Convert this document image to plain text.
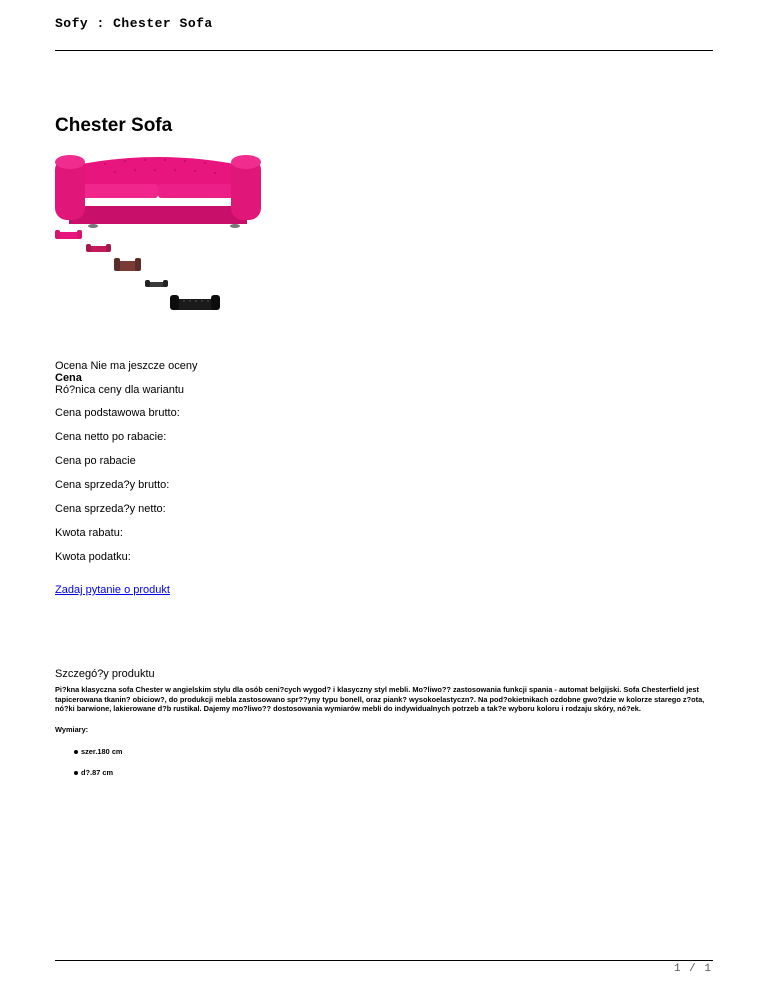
Sofy : Chester Sofa
Chester Sofa

Ocena Nie ma jeszcze oceny

Cena

Ró?nica ceny dla wariantu

Cena podstawowa brutto:
Cena netto po rabacie:
Cena po rabacie
Cena sprzeda?y brutto:
Cena sprzeda?y netto:
Kwota rabatu:
Kwota podatku:
Zadaj pytanie o produkt
Szczegó?y produktu
Pi?kna klasyczna sofa Chester w angielskim stylu dla osób ceni?cych wygod? i klasyczny styl mebli. Mo?liwo?? zastosowania funkcji spania - automat belgijski. Sofa Chesterfield jest tapicerowana tkanin? obiciow?, do produkcji mebla zastosowano spr??yny typu bonell, oraz piank? wysokoelastyczn?. Na pod?okietnikach ozdobne gwo?dzie w kolorze starego z?ota, nó?ki barwione, lakierowane d?b rustikal. Dajemy mo?liwo?? dostosowania wymiarów mebli do indywidualnych potrzeb a tak?e wyboru koloru i rodzaju skóry, nó?ek.
Wymiary:
szer.180 cm
d?.87 cm
1 / 1
